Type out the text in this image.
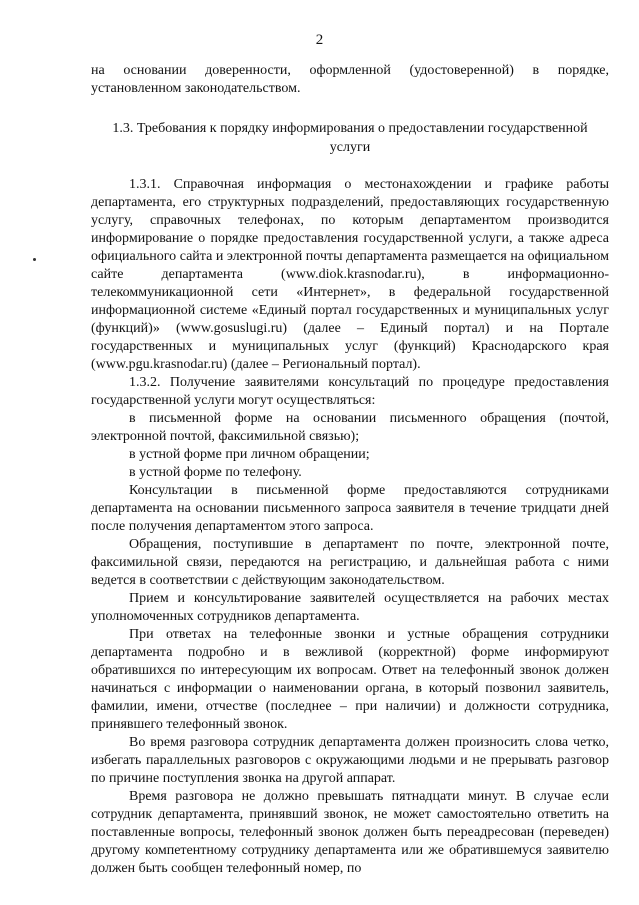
2

на основании доверенности, оформленной (удостоверенной) в порядке, установленном законодательством.

1.3. Требования к порядку информирования о предоставлении государственной услуги

1.3.1. Справочная информация о местонахождении и графике работы департамента, его структурных подразделений, предоставляющих государственную услугу, справочных телефонах, по которым департаментом производится информирование о порядке предоставления государственной услуги, а также адреса официального сайта и электронной почты департамента размещается на официальном сайте департамента (www.diok.krasnodar.ru), в информационно-телекоммуникационной сети «Интернет», в федеральной государственной информационной системе «Единый портал государственных и муниципальных услуг (функций)» (www.gosuslugi.ru) (далее – Единый портал) и на Портале государственных и муниципальных услуг (функций) Краснодарского края (www.pgu.krasnodar.ru) (далее – Региональный портал).

1.3.2. Получение заявителями консультаций по процедуре предоставления государственной услуги могут осуществляться:

в письменной форме на основании письменного обращения (почтой, электронной почтой, факсимильной связью);

в устной форме при личном обращении;

в устной форме по телефону.

Консультации в письменной форме предоставляются сотрудниками департамента на основании письменного запроса заявителя в течение тридцати дней после получения департаментом этого запроса.

Обращения, поступившие в департамент по почте, электронной почте, факсимильной связи, передаются на регистрацию, и дальнейшая работа с ними ведется в соответствии с действующим законодательством.

Прием и консультирование заявителей осуществляется на рабочих местах уполномоченных сотрудников департамента.

При ответах на телефонные звонки и устные обращения сотрудники департамента подробно и в вежливой (корректной) форме информируют обратившихся по интересующим их вопросам. Ответ на телефонный звонок должен начинаться с информации о наименовании органа, в который позвонил заявитель, фамилии, имени, отчестве (последнее – при наличии) и должности сотрудника, принявшего телефонный звонок.

Во время разговора сотрудник департамента должен произносить слова четко, избегать параллельных разговоров с окружающими людьми и не прерывать разговор по причине поступления звонка на другой аппарат.

Время разговора не должно превышать пятнадцати минут. В случае если сотрудник департамента, принявший звонок, не может самостоятельно ответить на поставленные вопросы, телефонный звонок должен быть переадресован (переведен) другому компетентному сотруднику департамента или же обратившемуся заявителю должен быть сообщен телефонный номер, по
